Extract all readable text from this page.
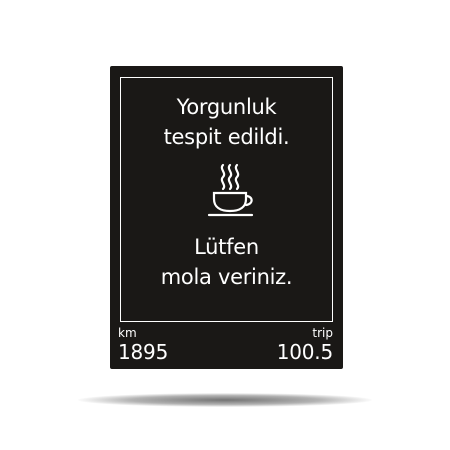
Yorgunluk
tespit edildi.

Lütfen
mola veriniz.

km
1895
trip
100.5
